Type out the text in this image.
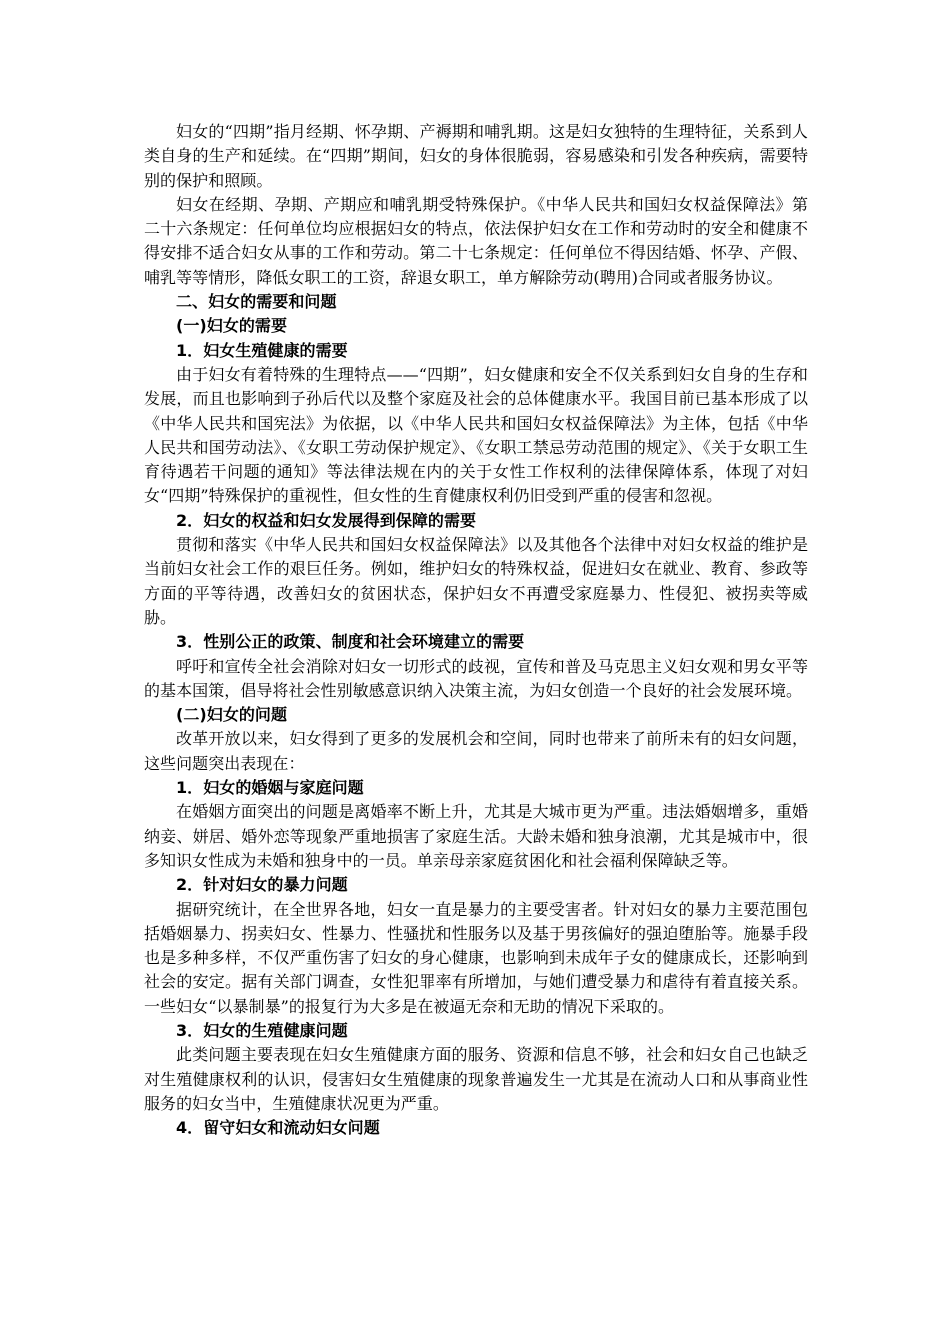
妇女的“四期”指月经期、怀孕期、产褥期和哺乳期。这是妇女独特的生理特征，关系到人类自身的生产和延续。在“四期”期间，妇女的身体很脆弱，容易感染和引发各种疾病，需要特别的保护和照顾。

妇女在经期、孕期、产期应和哺乳期受特殊保护。《中华人民共和国妇女权益保障法》第二十六条规定：任何单位均应根据妇女的特点，依法保护妇女在工作和劳动时的安全和健康不得安排不适合妇女从事的工作和劳动。第二十七条规定：任何单位不得因结婚、怀孕、产假、哺乳等等情形，降低女职工的工资，辞退女职工，单方解除劳动(聘用)合同或者服务协议。

二、妇女的需要和问题

(一)妇女的需要

1．妇女生殖健康的需要

由于妇女有着特殊的生理特点——“四期”，妇女健康和安全不仅关系到妇女自身的生存和发展，而且也影响到子孙后代以及整个家庭及社会的总体健康水平。我国目前已基本形成了以《中华人民共和国宪法》为依据，以《中华人民共和国妇女权益保障法》为主体，包括《中华人民共和国劳动法》、《女职工劳动保护规定》、《女职工禁忌劳动范围的规定》、《关于女职工生育待遇若干问题的通知》等法律法规在内的关于女性工作权利的法律保障体系，体现了对妇女“四期”特殊保护的重视性，但女性的生育健康权利仍旧受到严重的侵害和忽视。

2．妇女的权益和妇女发展得到保障的需要

贯彻和落实《中华人民共和国妇女权益保障法》以及其他各个法律中对妇女权益的维护是当前妇女社会工作的艰巨任务。例如，维护妇女的特殊权益，促进妇女在就业、教育、参政等方面的平等待遇，改善妇女的贫困状态，保护妇女不再遭受家庭暴力、性侵犯、被拐卖等威胁。

3．性别公正的政策、制度和社会环境建立的需要

呼吁和宣传全社会消除对妇女一切形式的歧视，宣传和普及马克思主义妇女观和男女平等的基本国策，倡导将社会性别敏感意识纳入决策主流，为妇女创造一个良好的社会发展环境。

(二)妇女的问题

改革开放以来，妇女得到了更多的发展机会和空间，同时也带来了前所未有的妇女问题，这些问题突出表现在：

1．妇女的婚姻与家庭问题

在婚姻方面突出的问题是离婚率不断上升，尤其是大城市更为严重。违法婚姻增多，重婚纳妾、姘居、婚外恋等现象严重地损害了家庭生活。大龄未婚和独身浪潮，尤其是城市中，很多知识女性成为未婚和独身中的一员。单亲母亲家庭贫困化和社会福利保障缺乏等。

2．针对妇女的暴力问题

据研究统计，在全世界各地，妇女一直是暴力的主要受害者。针对妇女的暴力主要范围包括婚姻暴力、拐卖妇女、性暴力、性骚扰和性服务以及基于男孩偏好的强迫堕胎等。施暴手段也是多种多样，不仅严重伤害了妇女的身心健康，也影响到未成年子女的健康成长，还影响到社会的安定。据有关部门调查，女性犯罪率有所增加，与她们遭受暴力和虐待有着直接关系。一些妇女“以暴制暴”的报复行为大多是在被逼无奈和无助的情况下采取的。

3．妇女的生殖健康问题

此类问题主要表现在妇女生殖健康方面的服务、资源和信息不够，社会和妇女自己也缺乏对生殖健康权利的认识，侵害妇女生殖健康的现象普遍发生一尤其是在流动人口和从事商业性服务的妇女当中，生殖健康状况更为严重。

4．留守妇女和流动妇女问题
